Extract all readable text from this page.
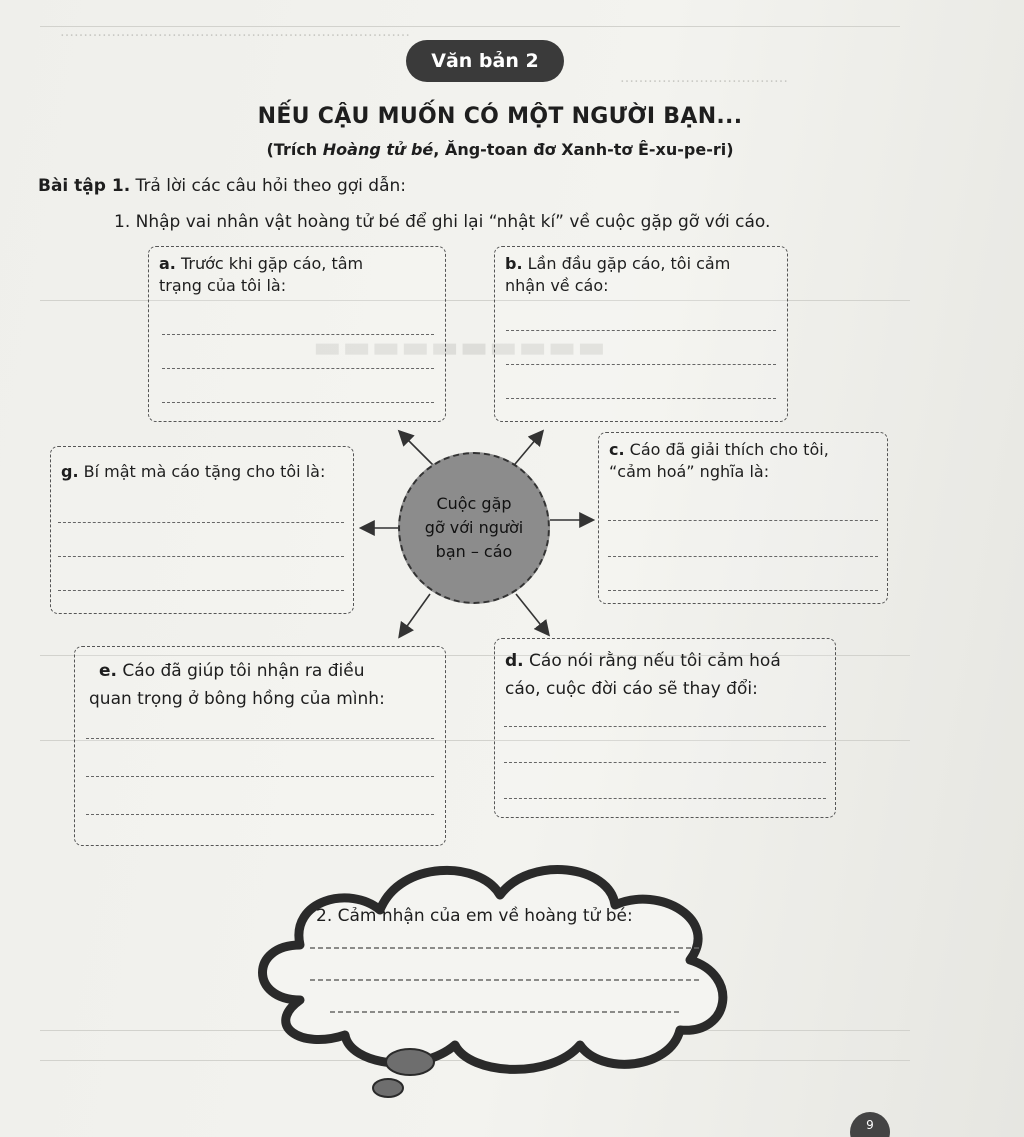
…………………………………………………………………
………………………………
▬▬▬▬▬▬▬▬▬▬
Văn bản 2
NẾU CẬU MUỐN CÓ MỘT NGƯỜI BẠN...
(Trích Hoàng tử bé, Ăng-toan đơ Xanh-tơ Ê-xu-pe-ri)
Bài tập 1. Trả lời các câu hỏi theo gợi dẫn:
1. Nhập vai nhân vật hoàng tử bé để ghi lại “nhật kí” về cuộc gặp gỡ với cáo.
a. Trước khi gặp cáo, tâm
trạng của tôi là:
b. Lần đầu gặp cáo, tôi cảm
nhận về cáo:
g. Bí mật mà cáo tặng cho tôi là:
c. Cáo đã giải thích cho tôi,
“cảm hoá” nghĩa là:
e. Cáo đã giúp tôi nhận ra điều
quan trọng ở bông hồng của mình:
d. Cáo nói rằng nếu tôi cảm hoá
cáo, cuộc đời cáo sẽ thay đổi:
Cuộc gặp
gỡ với người
bạn – cáo
2. Cảm nhận của em về hoàng tử bé:
9
